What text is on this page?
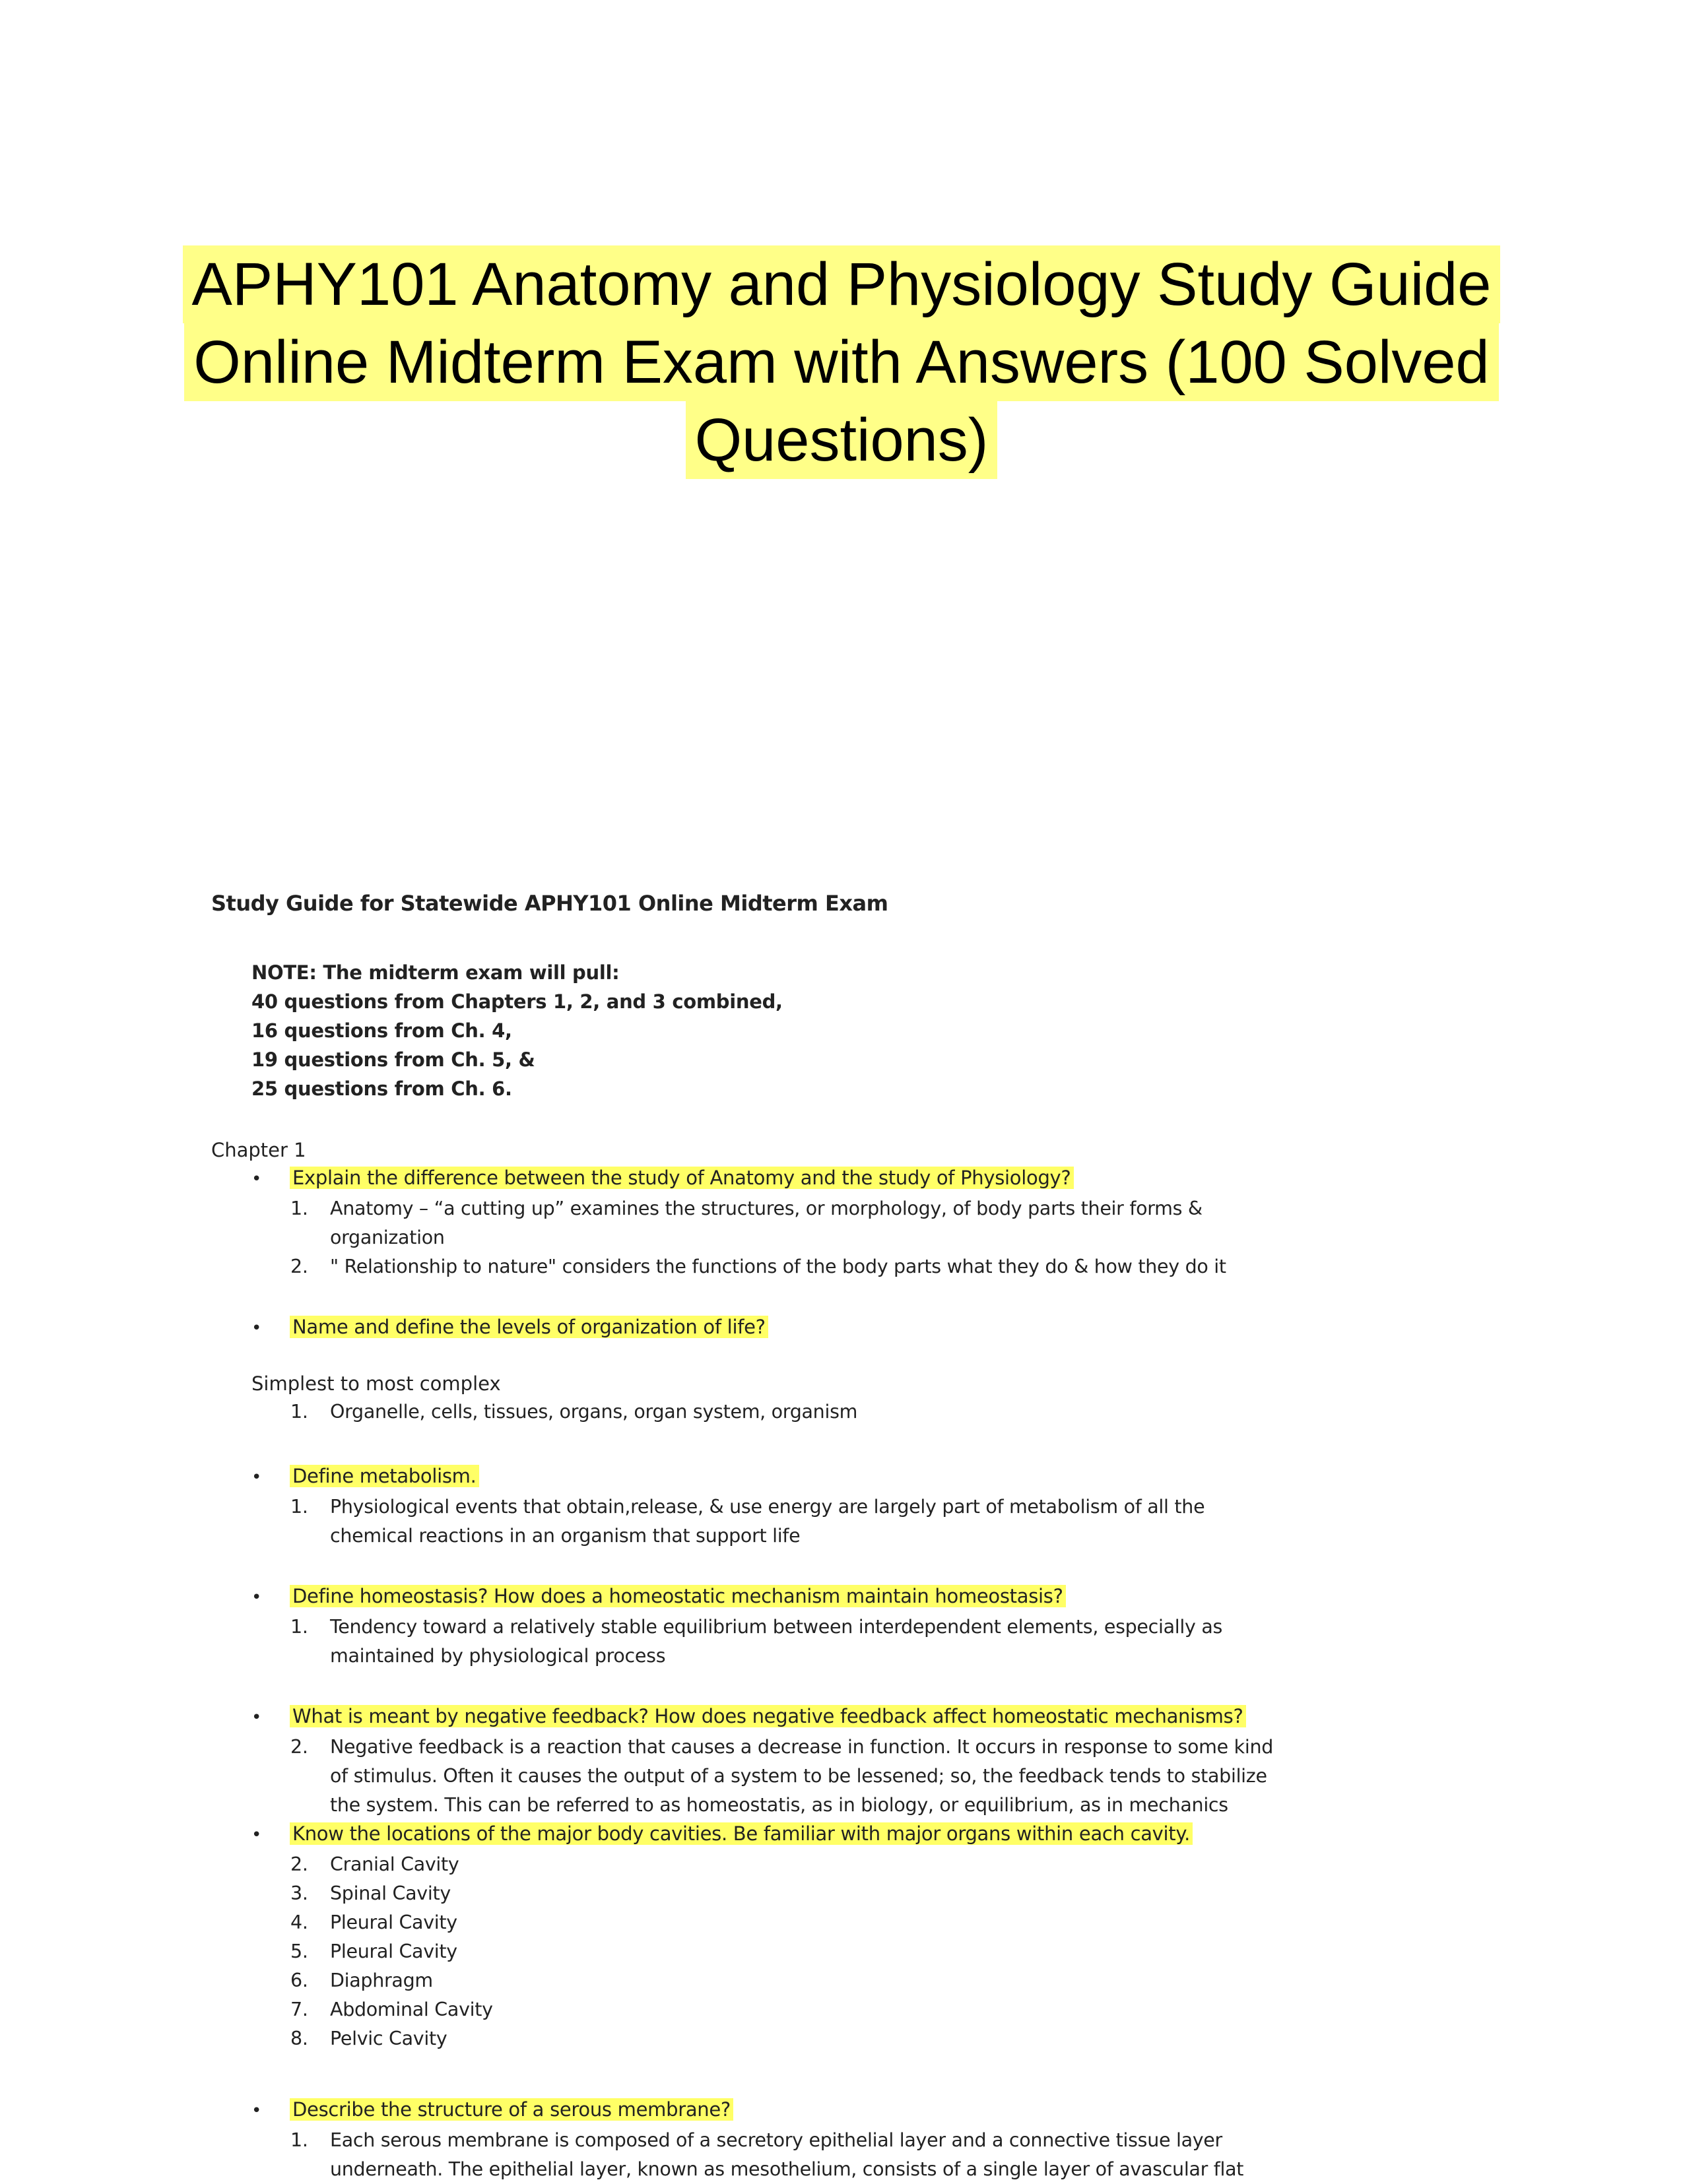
APHY101 Anatomy and Physiology Study Guide
Online Midterm Exam with Answers (100 Solved
Questions)
Study Guide for Statewide APHY101 Online Midterm Exam
NOTE: The midterm exam will pull:
40 questions from Chapters 1, 2, and 3 combined,
16 questions from Ch. 4,
19 questions from Ch. 5, &
25 questions from Ch. 6.
Chapter 1
• Explain the difference between the study of Anatomy and the study of Physiology?
1. Anatomy – “a cutting up” examines the structures, or morphology, of body parts their forms &
organization
2. " Relationship to nature" considers the functions of the body parts what they do & how they do it
• Name and define the levels of organization of life?
Simplest to most complex
1. Organelle, cells, tissues, organs, organ system, organism
• Define metabolism.
1. Physiological events that obtain,release, & use energy are largely part of metabolism of all the
chemical reactions in an organism that support life
• Define homeostasis? How does a homeostatic mechanism maintain homeostasis?
1. Tendency toward a relatively stable equilibrium between interdependent elements, especially as
maintained by physiological process
• What is meant by negative feedback? How does negative feedback affect homeostatic mechanisms?
2. Negative feedback is a reaction that causes a decrease in function. It occurs in response to some kind
of stimulus. Often it causes the output of a system to be lessened; so, the feedback tends to stabilize
the system. This can be referred to as homeostatis, as in biology, or equilibrium, as in mechanics
• Know the locations of the major body cavities. Be familiar with major organs within each cavity.
2. Cranial Cavity
3. Spinal Cavity
4. Pleural Cavity
5. Pleural Cavity
6. Diaphragm
7. Abdominal Cavity
8. Pelvic Cavity
• Describe the structure of a serous membrane?
1. Each serous membrane is composed of a secretory epithelial layer and a connective tissue layer
underneath. The epithelial layer, known as mesothelium, consists of a single layer of avascular flat
